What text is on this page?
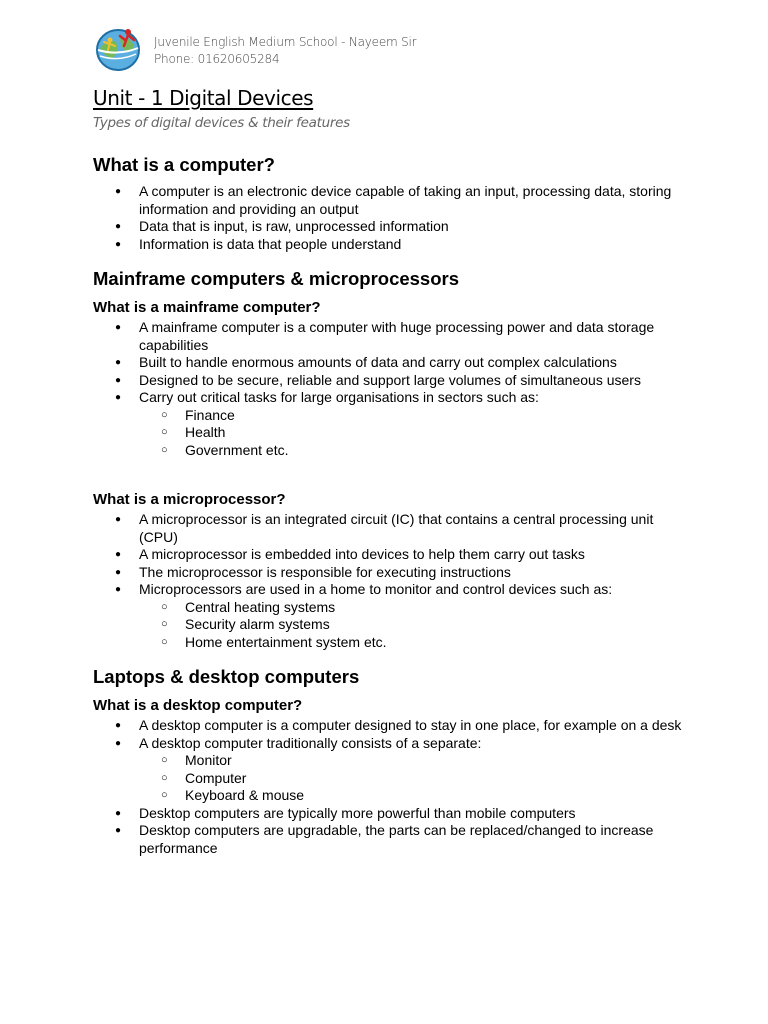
Juvenile English Medium School - Nayeem Sir
Phone: 01620605284
Unit - 1 Digital Devices
Types of digital devices & their features
What is a computer?
● A computer is an electronic device capable of taking an input, processing data, storing information and providing an output
● Data that is input, is raw, unprocessed information
● Information is data that people understand
Mainframe computers & microprocessors
What is a mainframe computer?
● A mainframe computer is a computer with huge processing power and data storage capabilities
● Built to handle enormous amounts of data and carry out complex calculations
● Designed to be secure, reliable and support large volumes of simultaneous users
● Carry out critical tasks for large organisations in sectors such as:
○ Finance
○ Health
○ Government etc.
What is a microprocessor?
● A microprocessor is an integrated circuit (IC) that contains a central processing unit (CPU)
● A microprocessor is embedded into devices to help them carry out tasks
● The microprocessor is responsible for executing instructions
● Microprocessors are used in a home to monitor and control devices such as:
○ Central heating systems
○ Security alarm systems
○ Home entertainment system etc.
Laptops & desktop computers
What is a desktop computer?
● A desktop computer is a computer designed to stay in one place, for example on a desk
● A desktop computer traditionally consists of a separate:
○ Monitor
○ Computer
○ Keyboard & mouse
● Desktop computers are typically more powerful than mobile computers
● Desktop computers are upgradable, the parts can be replaced/changed to increase performance
